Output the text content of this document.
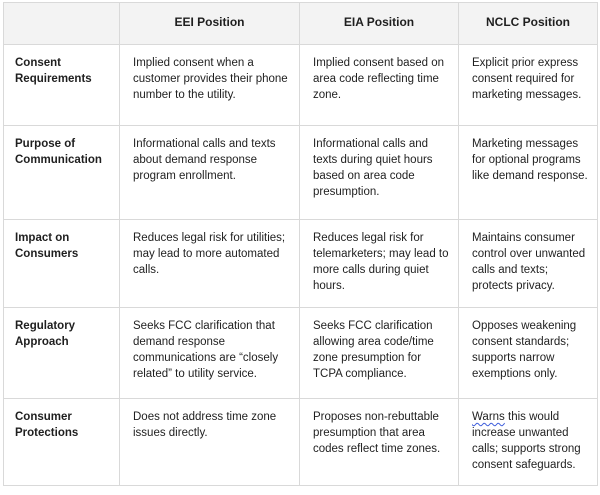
	EEI Position	EIA Position	NCLC Position

Consent Requirements	Implied consent when a customer provides their phone number to the utility.	Implied consent based on area code reflecting time zone.	Explicit prior express consent required for marketing messages.

Purpose of Communication	Informational calls and texts about demand response program enrollment.	Informational calls and texts during quiet hours based on area code presumption.	Marketing messages for optional programs like demand response.

Impact on Consumers	Reduces legal risk for utilities; may lead to more automated calls.	Reduces legal risk for telemarketers; may lead to more calls during quiet hours.	Maintains consumer control over unwanted calls and texts; protects privacy.

Regulatory Approach	Seeks FCC clarification that demand response communications are “closely related” to utility service.	Seeks FCC clarification allowing area code/time zone presumption for TCPA compliance.	Opposes weakening consent standards; supports narrow exemptions only.

Consumer Protections	Does not address time zone issues directly.	Proposes non-rebuttable presumption that area codes reflect time zones.	Warns this would increase unwanted calls; supports strong consent safeguards.
